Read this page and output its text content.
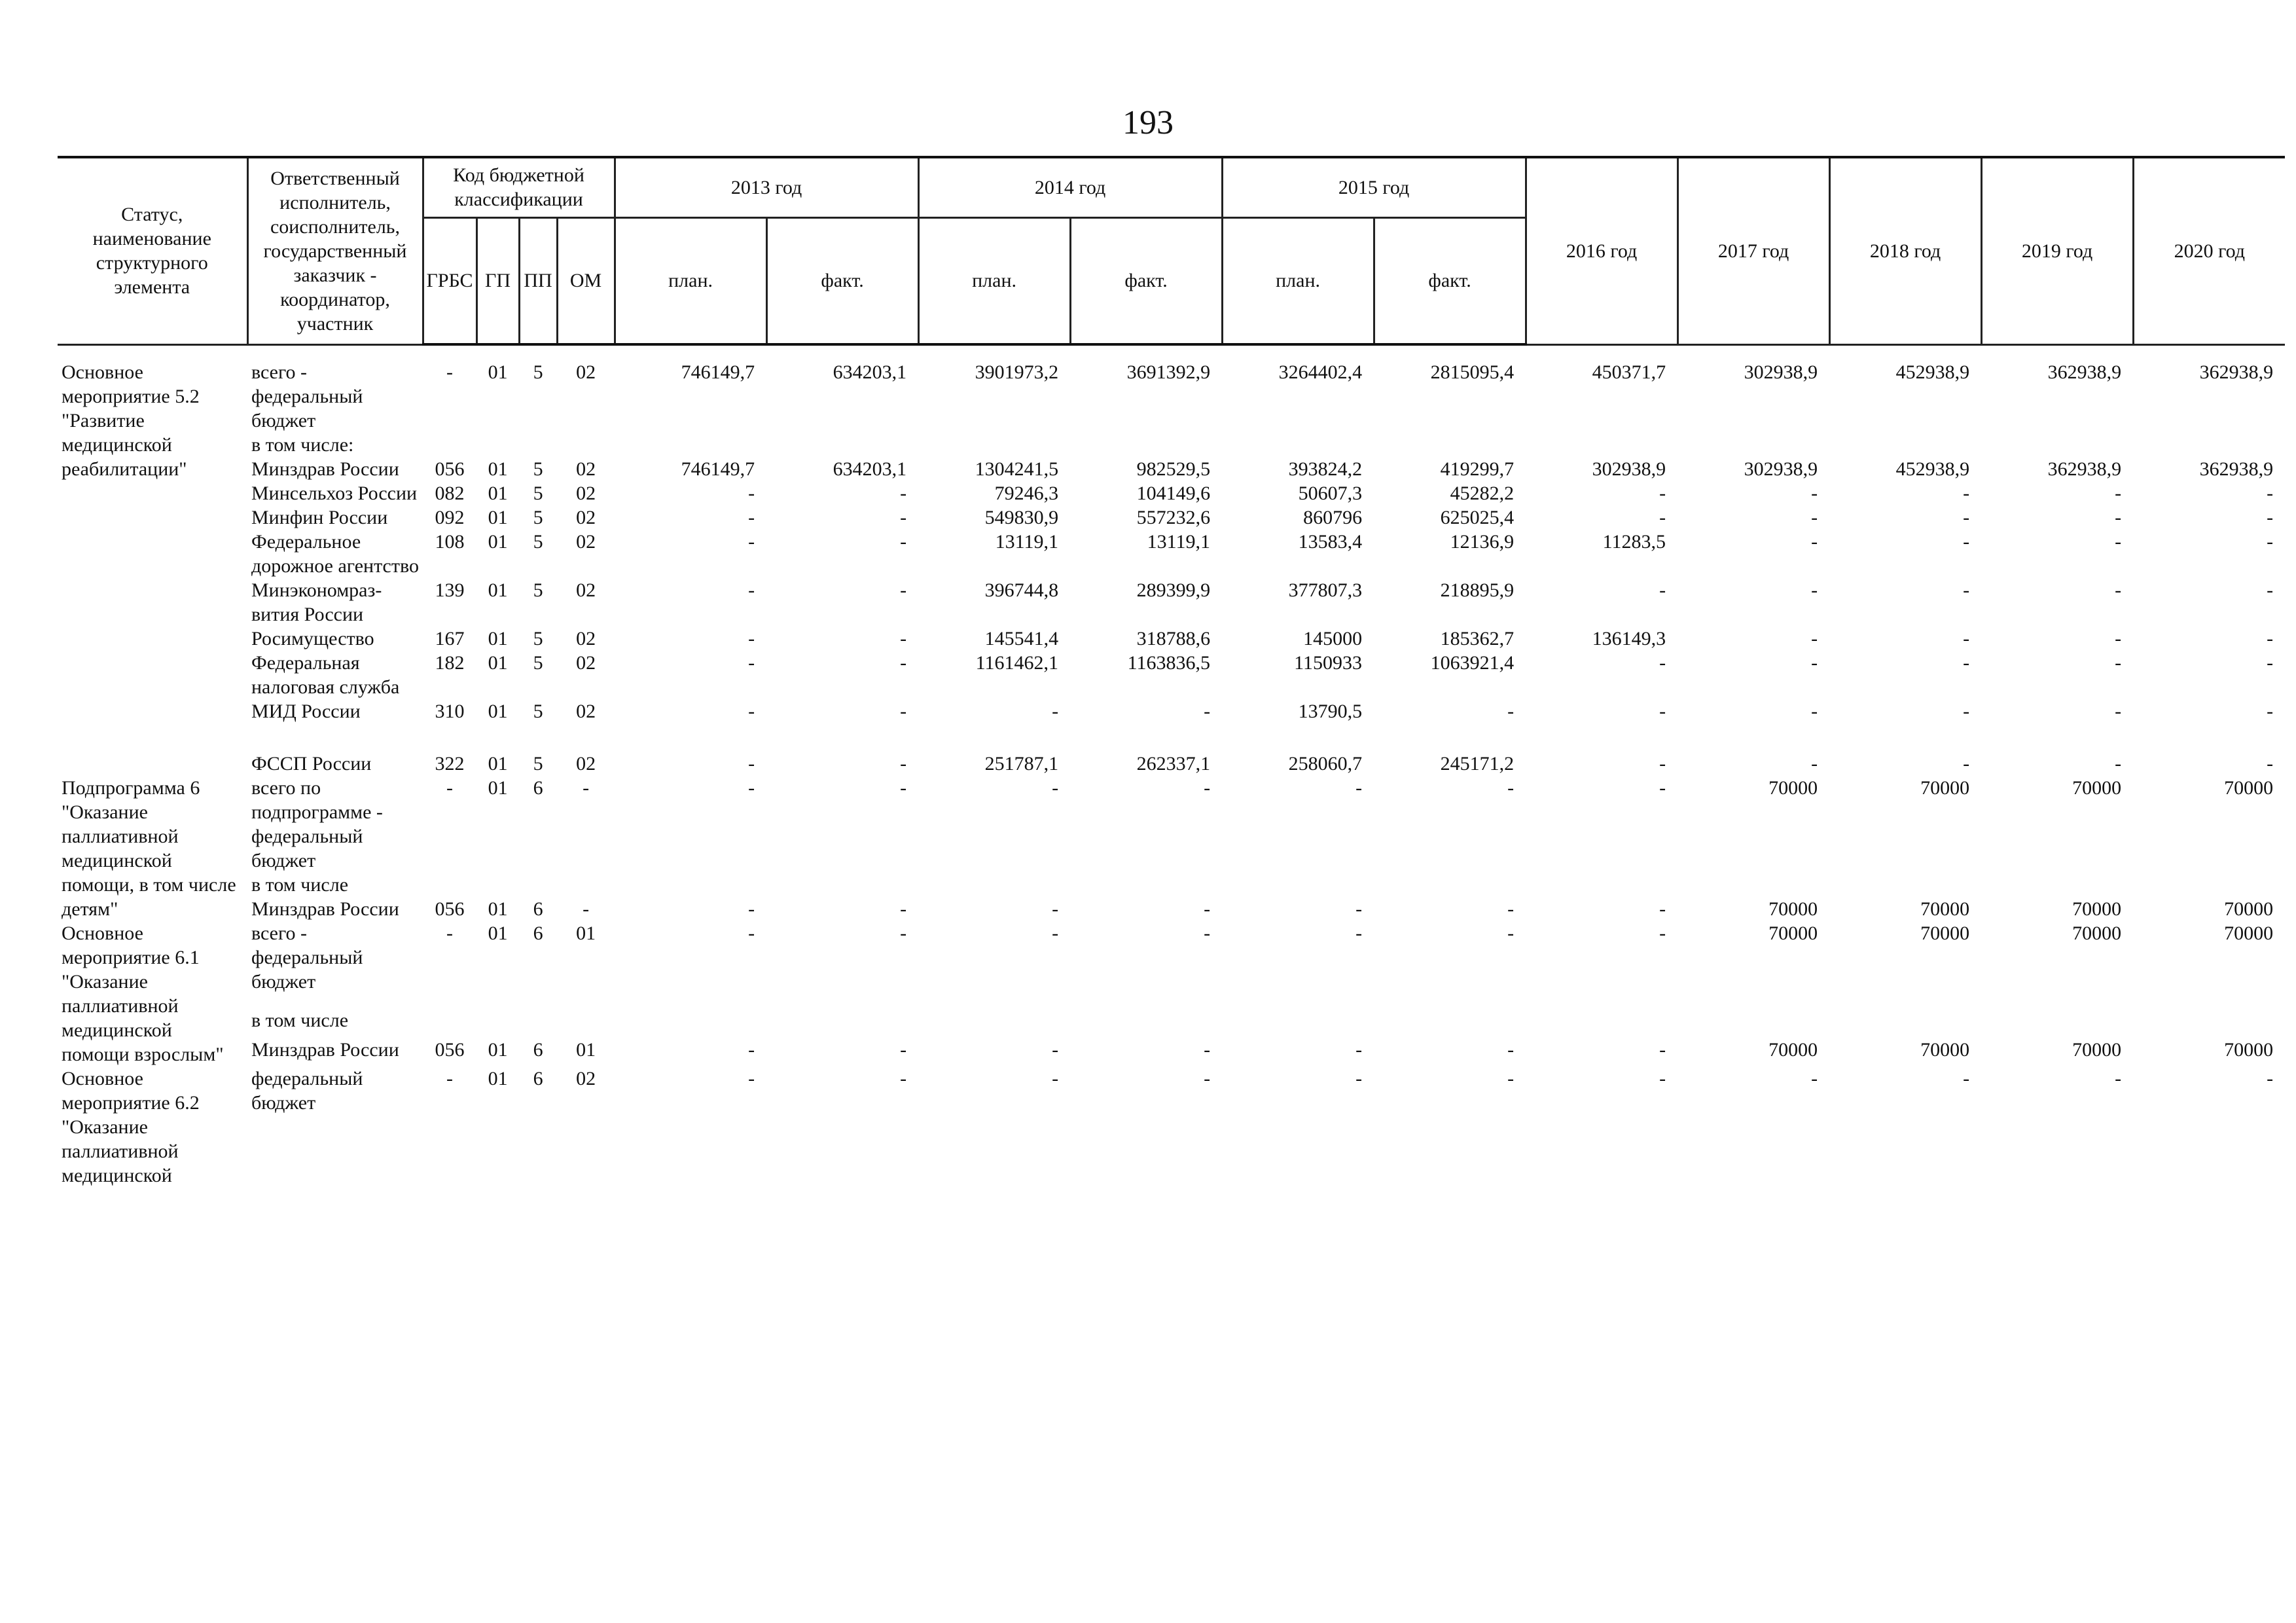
193
Статус, наименование структурного элемента	Ответственный исполнитель, соисполнитель, государственный заказчик - координатор, участник	Код бюджетной классификации				2013 год		2014 год		2015 год		2016 год	2017 год	2018 год	2019 год	2020 год
		ГРБС	ГП	ПП	ОМ	план.	факт.	план.	факт.	план.	факт.					

Основное мероприятие 5.2 "Развитие медицинской реабилитации"	всего - федеральный бюджет	-	01	5	02	746149,7	634203,1	3901973,2	3691392,9	3264402,4	2815095,4	450371,7	302938,9	452938,9	362938,9	362938,9
	в том числе:															
	Минздрав России	056	01	5	02	746149,7	634203,1	1304241,5	982529,5	393824,2	419299,7	302938,9	302938,9	452938,9	362938,9	362938,9
	Минсельхоз России	082	01	5	02	-	-	79246,3	104149,6	50607,3	45282,2	-	-	-	-	-
	Минфин России	092	01	5	02	-	-	549830,9	557232,6	860796	625025,4	-	-	-	-	-
	Федеральное дорожное агентство	108	01	5	02	-	-	13119,1	13119,1	13583,4	12136,9	11283,5	-	-	-	-
	Минэкономраз-вития России	139	01	5	02	-	-	396744,8	289399,9	377807,3	218895,9	-	-	-	-	-
	Росимущество	167	01	5	02	-	-	145541,4	318788,6	145000	185362,7	136149,3	-	-	-	-
	Федеральная налоговая служба	182	01	5	02	-	-	1161462,1	1163836,5	1150933	1063921,4	-	-	-	-	-
	МИД России	310	01	5	02	-	-	-	-	13790,5	-	-	-	-	-	-
	ФССП России	322	01	5	02	-	-	251787,1	262337,1	258060,7	245171,2	-	-	-	-	-
Подпрограмма 6 "Оказание паллиативной медицинской помощи, в том числе детям"	всего по подпрограмме - федеральный бюджет	-	01	6	-	-	-	-	-	-	-	-	70000	70000	70000	70000
	в том числе															
	Минздрав России	056	01	6	-	-	-	-	-	-	-	-	70000	70000	70000	70000
Основное мероприятие 6.1 "Оказание паллиативной медицинской помощи взрослым"	всего - федеральный бюджет	-	01	6	01	-	-	-	-	-	-	-	70000	70000	70000	70000
	в том числе															
	Минздрав России	056	01	6	01	-	-	-	-	-	-	-	70000	70000	70000	70000
Основное мероприятие 6.2 "Оказание паллиативной медицинской	федеральный бюджет	-	01	6	02	-	-	-	-	-	-	-	-	-	-	-
